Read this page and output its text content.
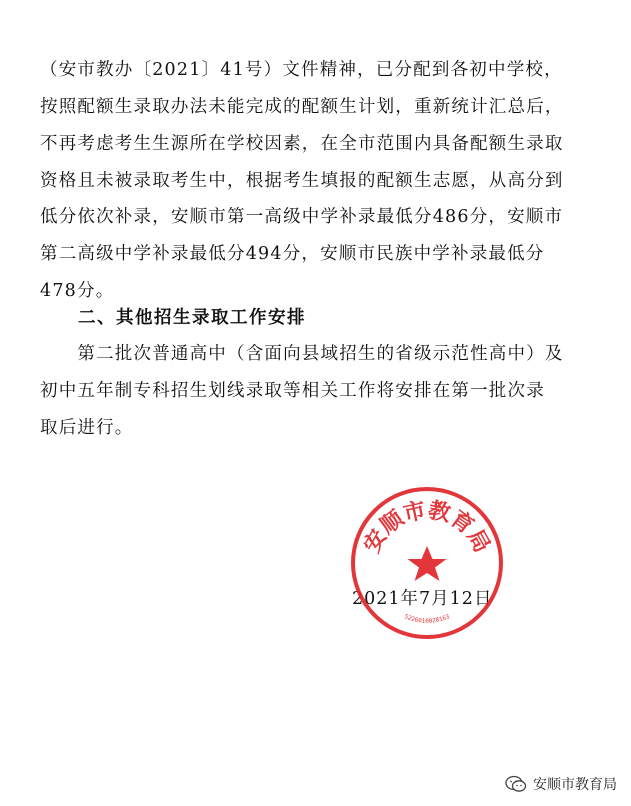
（安市教办〔2021〕41号）文件精神，已分配到各初中学校，
按照配额生录取办法未能完成的配额生计划，重新统计汇总后，
不再考虑考生生源所在学校因素，在全市范围内具备配额生录取
资格且未被录取考生中，根据考生填报的配额生志愿，从高分到
低分依次补录，安顺市第一高级中学补录最低分486分，安顺市
第二高级中学补录最低分494分，安顺市民族中学补录最低分
478分。
二、其他招生录取工作安排
　　第二批次普通高中（含面向县域招生的省级示范性高中）及
初中五年制专科招生划线录取等相关工作将安排在第一批次录
取后进行。
2021年7月12日
安顺市教育局
5226010028163
安顺市教育局
